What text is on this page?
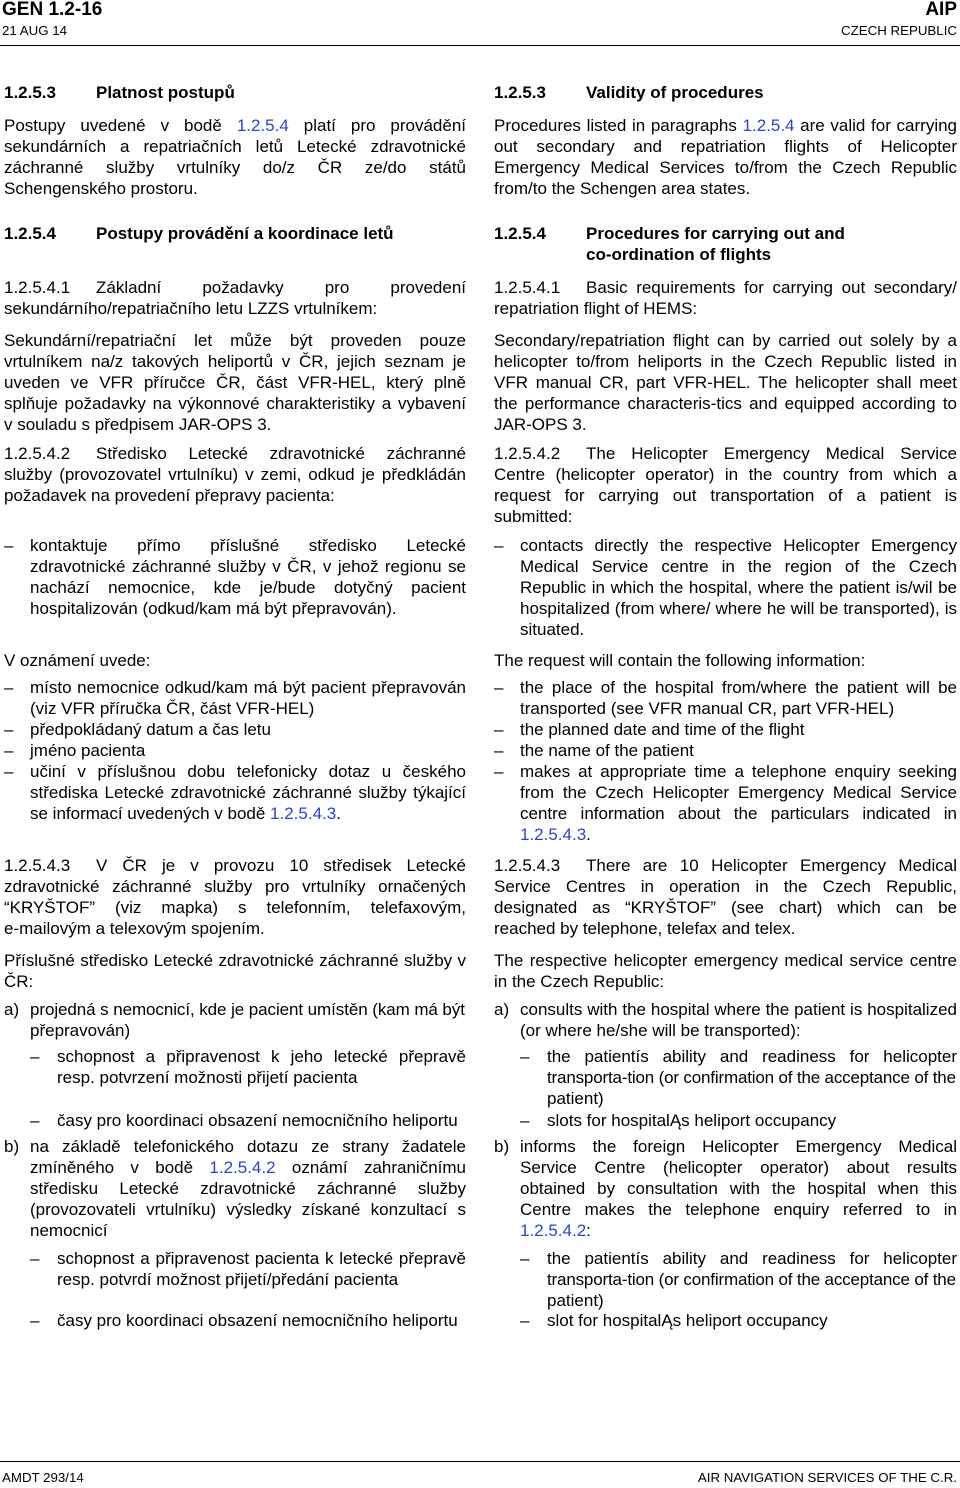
GEN 1.2-16
21 AUG 14
AIP
CZECH REPUBLIC
1.2.5.3 Platnost postupů
Postupy uvedené v bodě 1.2.5.4 platí pro provádění
sekundárních a repatriačních letů Letecké zdravotnické
záchranné služby vrtulníky do/z ČR ze/do států
Schengenského prostoru.
1.2.5.4 Postupy provádění a koordinace letů
1.2.5.4.1 Základní požadavky pro provedení
sekundárního/repatriačního letu LZZS vrtulníkem:
Sekundární/repatriační let může být proveden pouze
vrtulníkem na/z takových heliportů v ČR, jejich seznam je
uveden ve VFR příručce ČR, část VFR-HEL, který plně
splňuje požadavky na výkonnové charakteristiky a vybavení
v souladu s předpisem JAR-OPS 3.
1.2.5.4.2 Středisko Letecké zdravotnické záchranné
služby (provozovatel vrtulníku) v zemi, odkud je předkládán
požadavek na provedení přepravy pacienta:
– kontaktuje přímo příslušné středisko Letecké
zdravotnické záchranné služby v ČR, v jehož regionu se
nachází nemocnice, kde je/bude dotyčný pacient
hospitalizován (odkud/kam má být přepravován).
V oznámení uvede:
– místo nemocnice odkud/kam má být pacient přepravován
(viz VFR příručka ČR, část VFR-HEL)
– předpokládaný datum a čas letu
– jméno pacienta
– učiní v příslušnou dobu telefonicky dotaz u českého
střediska Letecké zdravotnické záchranné služby týkající
se informací uvedených v bodě 1.2.5.4.3.
1.2.5.4.3 V ČR je v provozu 10 středisek Letecké
zdravotnické záchranné služby pro vrtulníky ornačených
“KRYŠTOF” (viz mapka) s telefonním, telefaxovým,
e-mailovým a telexovým spojením.
Příslušné středisko Letecké zdravotnické záchranné služby v
ČR:
a) projedná s nemocnicí, kde je pacient umístěn (kam má být
přepravován)
– schopnost a připravenost k jeho letecké přepravě
resp. potvrzení možnosti přijetí pacienta
– časy pro koordinaci obsazení nemocničního heliportu
b) na základě telefonického dotazu ze strany žadatele
zmíněného v bodě 1.2.5.4.2 oznámí zahraničnímu
středisku Letecké zdravotnické záchranné služby
(provozovateli vrtulníku) výsledky získané konzultací s
nemocnicí
– schopnost a připravenost pacienta k letecké přepravě
resp. potvrdí možnost přijetí/předání pacienta
– časy pro koordinaci obsazení nemocničního heliportu
1.2.5.3 Validity of procedures
Procedures listed in paragraphs 1.2.5.4 are valid for carrying
out secondary and repatriation flights of Helicopter
Emergency Medical Services to/from the Czech Republic
from/to the Schengen area states.
1.2.5.4 Procedures for carrying out and
co-ordination of flights
1.2.5.4.1 Basic requirements for carrying out secondary/
repatriation flight of HEMS:
Secondary/repatriation flight can by carried out solely by a
helicopter to/from heliports in the Czech Republic listed in
VFR manual CR, part VFR-HEL. The helicopter shall meet
the performance characteris-tics and equipped according to
JAR-OPS 3.
1.2.5.4.2 The Helicopter Emergency Medical Service
Centre (helicopter operator) in the country from which a
request for carrying out transportation of a patient is
submitted:
– contacts directly the respective Helicopter Emergency
Medical Service centre in the region of the Czech
Republic in which the hospital, where the patient is/wil be
hospitalized (from where/ where he will be transported), is
situated.
The request will contain the following information:
– the place of the hospital from/where the patient will be
transported (see VFR manual CR, part VFR-HEL)
– the planned date and time of the flight
– the name of the patient
– makes at appropriate time a telephone enquiry seeking
from the Czech Helicopter Emergency Medical Service
centre information about the particulars indicated in
1.2.5.4.3.
1.2.5.4.3 There are 10 Helicopter Emergency Medical
Service Centres in operation in the Czech Republic,
designated as “KRYŠTOF” (see chart) which can be
reached by telephone, telefax and telex.
The respective helicopter emergency medical service centre
in the Czech Republic:
a) consults with the hospital where the patient is hospitalized
(or where he/she will be transported):
– the patientís ability and readiness for helicopter
transporta-tion (or confirmation of the acceptance of the
patient)
– slots for hospitalĄs heliport occupancy
b) informs the foreign Helicopter Emergency Medical
Service Centre (helicopter operator) about results
obtained by consultation with the hospital when this
Centre makes the telephone enquiry referred to in
1.2.5.4.2:
– the patientís ability and readiness for helicopter
transporta-tion (or confirmation of the acceptance of the
patient)
– slot for hospitalĄs heliport occupancy
AMDT 293/14	AIR NAVIGATION SERVICES OF THE C.R.
